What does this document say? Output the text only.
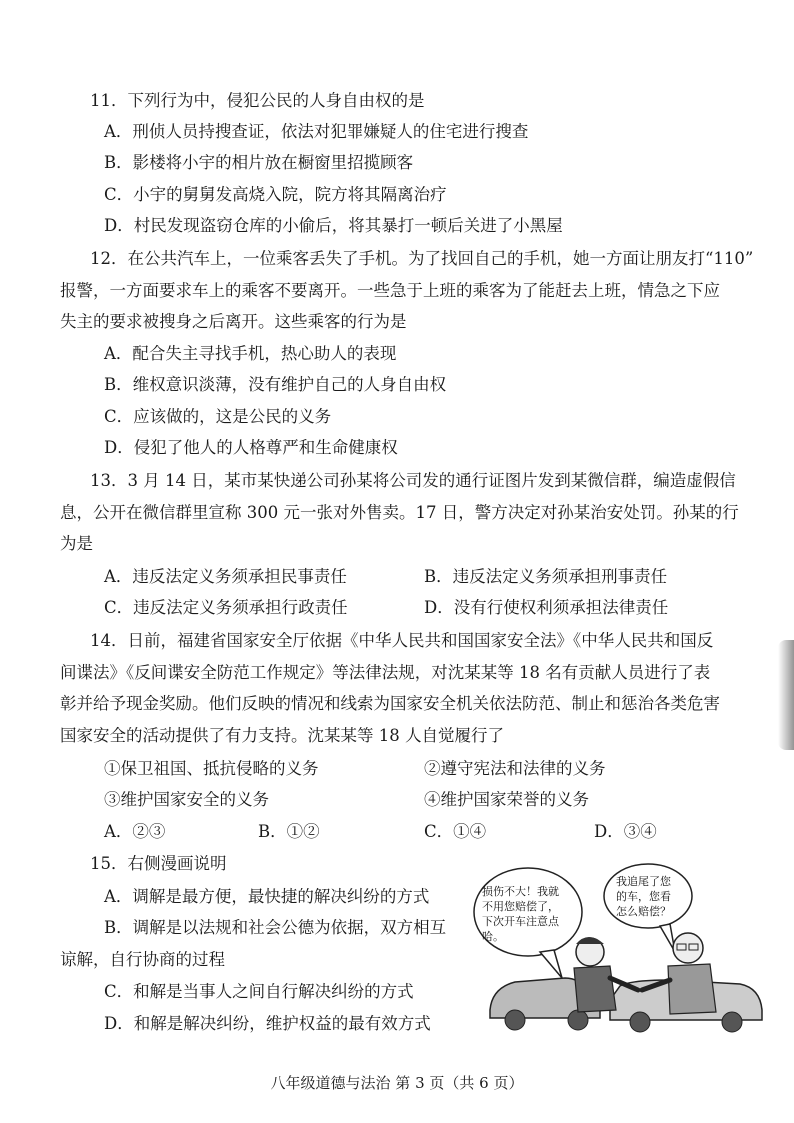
11．下列行为中，侵犯公民的人身自由权的是
A．刑侦人员持搜查证，依法对犯罪嫌疑人的住宅进行搜查
B．影楼将小宇的相片放在橱窗里招揽顾客
C．小宇的舅舅发高烧入院，院方将其隔离治疗
D．村民发现盗窃仓库的小偷后，将其暴打一顿后关进了小黑屋
12．在公共汽车上，一位乘客丢失了手机。为了找回自己的手机，她一方面让朋友打“110”
报警，一方面要求车上的乘客不要离开。一些急于上班的乘客为了能赶去上班，情急之下应
失主的要求被搜身之后离开。这些乘客的行为是
A．配合失主寻找手机，热心助人的表现
B．维权意识淡薄，没有维护自己的人身自由权
C．应该做的，这是公民的义务
D．侵犯了他人的人格尊严和生命健康权
13．3 月 14 日，某市某快递公司孙某将公司发的通行证图片发到某微信群，编造虚假信
息，公开在微信群里宣称 300 元一张对外售卖。17 日，警方决定对孙某治安处罚。孙某的行
为是
A．违反法定义务须承担民事责任	B．违反法定义务须承担刑事责任
C．违反法定义务须承担行政责任	D．没有行使权利须承担法律责任
14．日前，福建省国家安全厅依据《中华人民共和国国家安全法》《中华人民共和国反
间谍法》《反间谍安全防范工作规定》等法律法规，对沈某某等 18 名有贡献人员进行了表
彰并给予现金奖励。他们反映的情况和线索为国家安全机关依法防范、制止和惩治各类危害
国家安全的活动提供了有力支持。沈某某等 18 人自觉履行了
①保卫祖国、抵抗侵略的义务	②遵守宪法和法律的义务
③维护国家安全的义务	④维护国家荣誉的义务
A．②③	B．①②	C．①④	D．③④
15．右侧漫画说明
A．调解是最方便，最快捷的解决纠纷的方式
B．调解是以法规和社会公德为依据，双方相互
谅解，自行协商的过程
C．和解是当事人之间自行解决纠纷的方式
D．和解是解决纠纷，维护权益的最有效方式
损伤不大！我就
不用您赔偿了，
下次开车注意点
哈。
我追尾了您
的车，您看
怎么赔偿？
八年级道德与法治 第 3 页（共 6 页）
